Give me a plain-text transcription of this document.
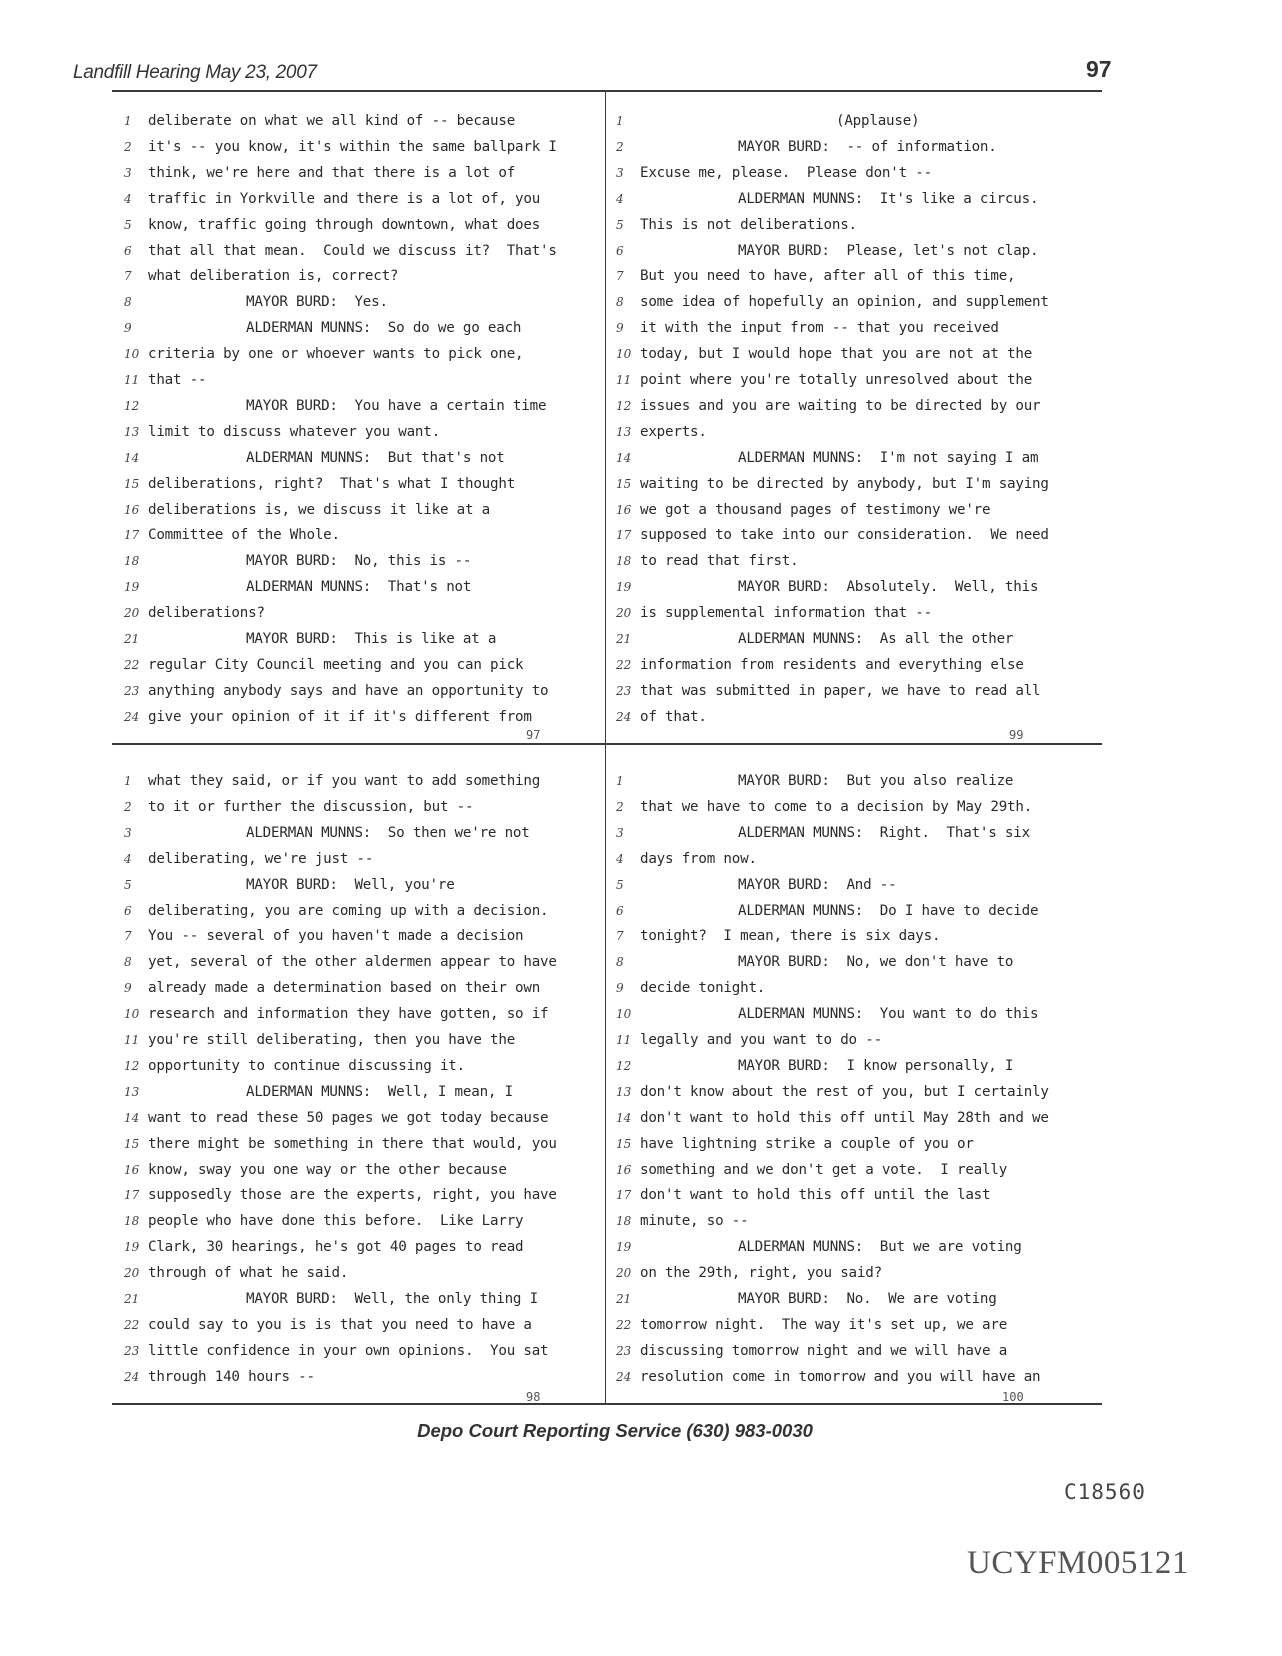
Landfill Hearing May 23, 2007	97
1	deliberate on what we all kind of -- because
2	it's -- you know, it's within the same ballpark I
3	think, we're here and that there is a lot of
4	traffic in Yorkville and there is a lot of, you
5	know, traffic going through downtown, what does
6	that all that mean.  Could we discuss it?  That's
7	what deliberation is, correct?
8	MAYOR BURD:  Yes.
9	ALDERMAN MUNNS:  So do we go each
10 criteria by one or whoever wants to pick one,
11 that --
12	MAYOR BURD:  You have a certain time
13 limit to discuss whatever you want.
14	ALDERMAN MUNNS:  But that's not
15 deliberations, right?  That's what I thought
16 deliberations is, we discuss it like at a
17 Committee of the Whole.
18	MAYOR BURD:  No, this is --
19	ALDERMAN MUNNS:  That's not
20 deliberations?
21	MAYOR BURD:  This is like at a
22 regular City Council meeting and you can pick
23 anything anybody says and have an opportunity to
24 give your opinion of it if it's different from
97
1	(Applause)
2	MAYOR BURD:  -- of information.
3	Excuse me, please.  Please don't --
4	ALDERMAN MUNNS:  It's like a circus.
5	This is not deliberations.
6	MAYOR BURD:  Please, let's not clap.
7	But you need to have, after all of this time,
8	some idea of hopefully an opinion, and supplement
9	it with the input from -- that you received
10 today, but I would hope that you are not at the
11 point where you're totally unresolved about the
12 issues and you are waiting to be directed by our
13 experts.
14	ALDERMAN MUNNS:  I'm not saying I am
15 waiting to be directed by anybody, but I'm saying
16 we got a thousand pages of testimony we're
17 supposed to take into our consideration.  We need
18 to read that first.
19	MAYOR BURD:  Absolutely.  Well, this
20 is supplemental information that --
21	ALDERMAN MUNNS:  As all the other
22 information from residents and everything else
23 that was submitted in paper, we have to read all
24 of that.
99
1	what they said, or if you want to add something
2	to it or further the discussion, but --
3	ALDERMAN MUNNS:  So then we're not
4	deliberating, we're just --
5	MAYOR BURD:  Well, you're
6	deliberating, you are coming up with a decision.
7	You -- several of you haven't made a decision
8	yet, several of the other aldermen appear to have
9	already made a determination based on their own
10 research and information they have gotten, so if
11 you're still deliberating, then you have the
12 opportunity to continue discussing it.
13	ALDERMAN MUNNS:  Well, I mean, I
14 want to read these 50 pages we got today because
15 there might be something in there that would, you
16 know, sway you one way or the other because
17 supposedly those are the experts, right, you have
18 people who have done this before.  Like Larry
19 Clark, 30 hearings, he's got 40 pages to read
20 through of what he said.
21	MAYOR BURD:  Well, the only thing I
22 could say to you is is that you need to have a
23 little confidence in your own opinions.  You sat
24 through 140 hours --
98
1	MAYOR BURD:  But you also realize
2	that we have to come to a decision by May 29th.
3	ALDERMAN MUNNS:  Right.  That's six
4	days from now.
5	MAYOR BURD:  And --
6	ALDERMAN MUNNS:  Do I have to decide
7	tonight?  I mean, there is six days.
8	MAYOR BURD:  No, we don't have to
9	decide tonight.
10	ALDERMAN MUNNS:  You want to do this
11 legally and you want to do --
12	MAYOR BURD:  I know personally, I
13 don't know about the rest of you, but I certainly
14 don't want to hold this off until May 28th and we
15 have lightning strike a couple of you or
16 something and we don't get a vote.  I really
17 don't want to hold this off until the last
18 minute, so --
19	ALDERMAN MUNNS:  But we are voting
20 on the 29th, right, you said?
21	MAYOR BURD:  No.  We are voting
22 tomorrow night.  The way it's set up, we are
23 discussing tomorrow night and we will have a
24 resolution come in tomorrow and you will have an
100
Depo Court Reporting Service (630) 983-0030
C18560
UCYFM005121
